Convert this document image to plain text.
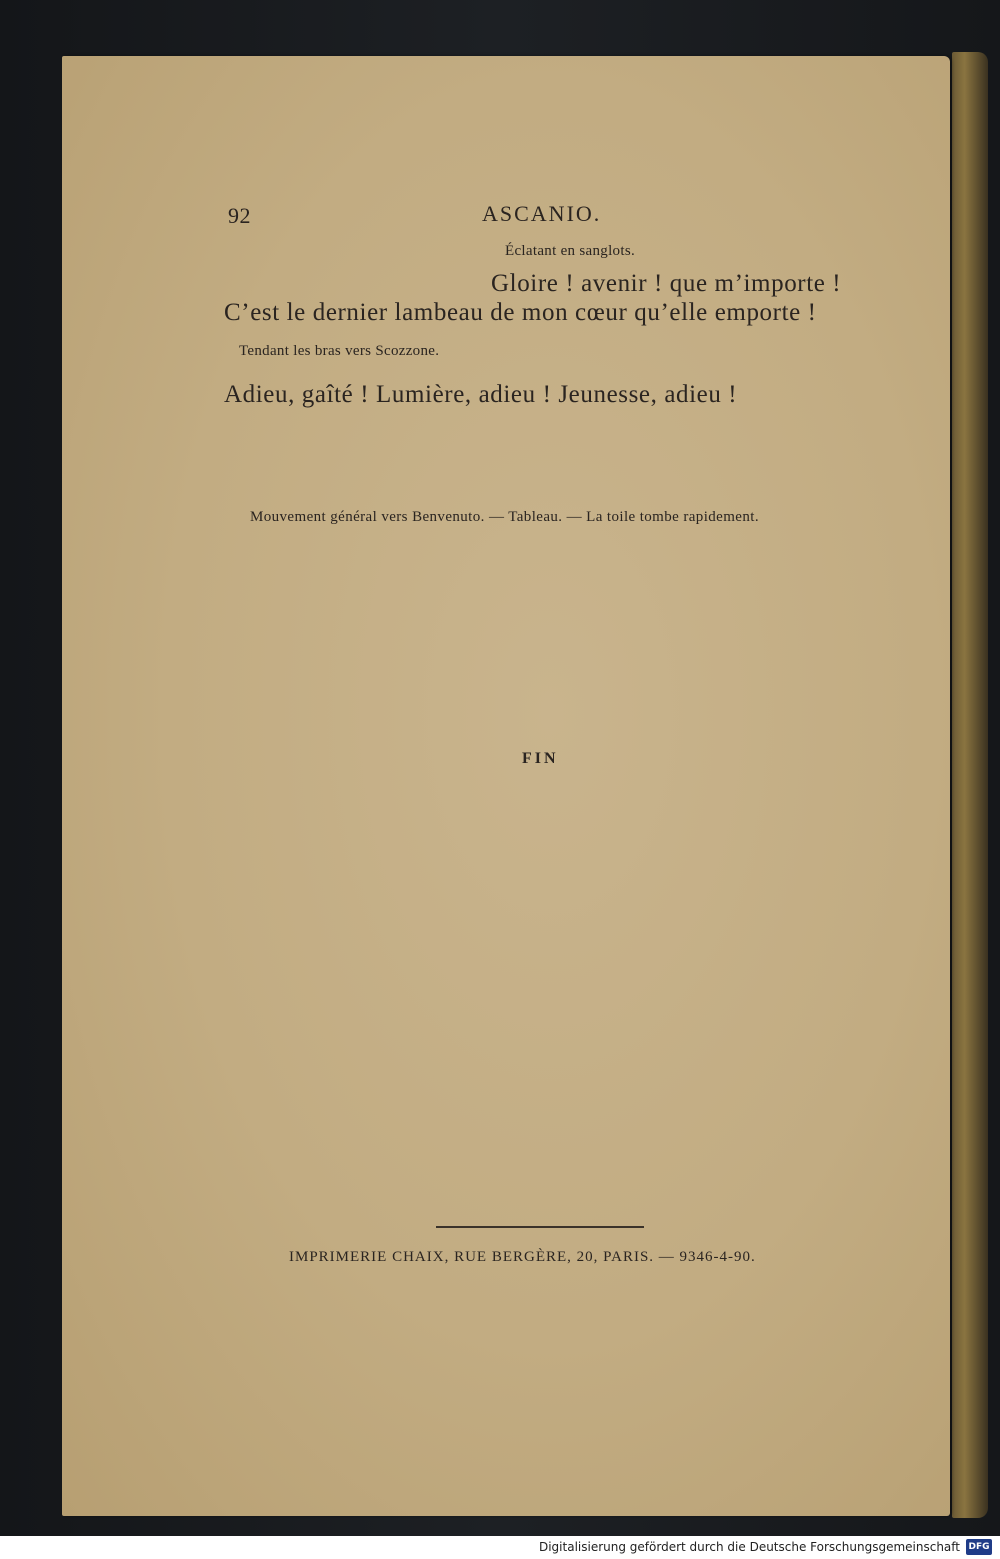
92	ASCANIO.
Éclatant en sanglots.
Gloire ! avenir ! que m’importe !
C’est le dernier lambeau de mon cœur qu’elle emporte !
Tendant les bras vers Scozzone.
Adieu, gaîté ! Lumière, adieu ! Jeunesse, adieu !
Mouvement général vers Benvenuto. — Tableau. — La toile tombe rapidement.
FIN
IMPRIMERIE CHAIX, RUE BERGÈRE, 20, PARIS. — 9346-4-90.
Digitalisierung gefördert durch die Deutsche Forschungsgemeinschaft DFG
